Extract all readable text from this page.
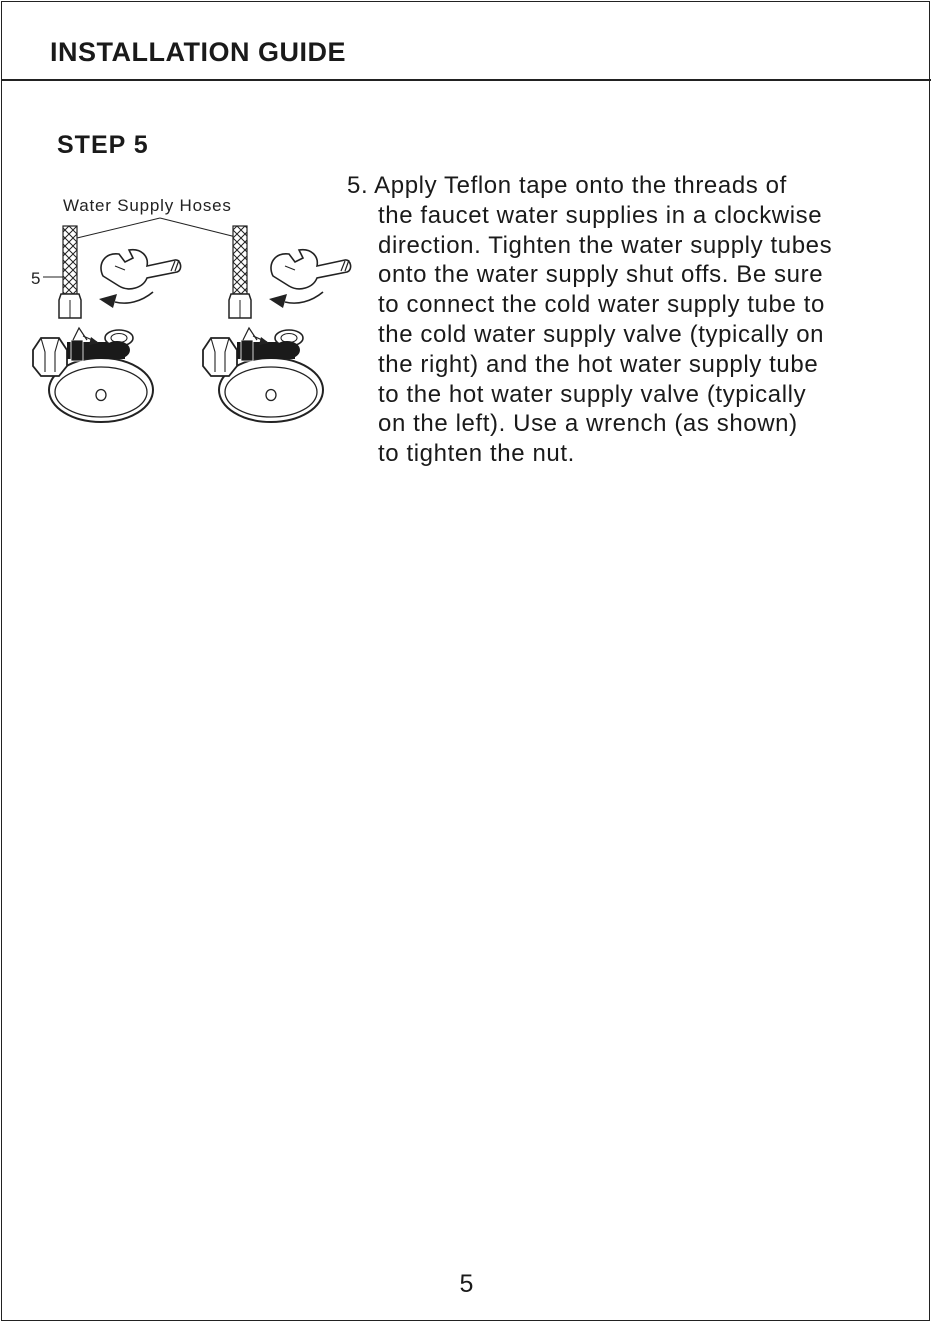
INSTALLATION GUIDE
STEP 5
Water Supply Hoses
5

5. Apply Teflon tape onto the threads of
the faucet water supplies in a clockwise
direction. Tighten the water supply tubes
onto the water supply shut offs. Be sure
to connect the cold water supply tube to
the cold water supply valve (typically on
the right) and the hot water supply tube
to the hot water supply valve (typically
on the left). Use a wrench (as shown)
to tighten the nut.

5
